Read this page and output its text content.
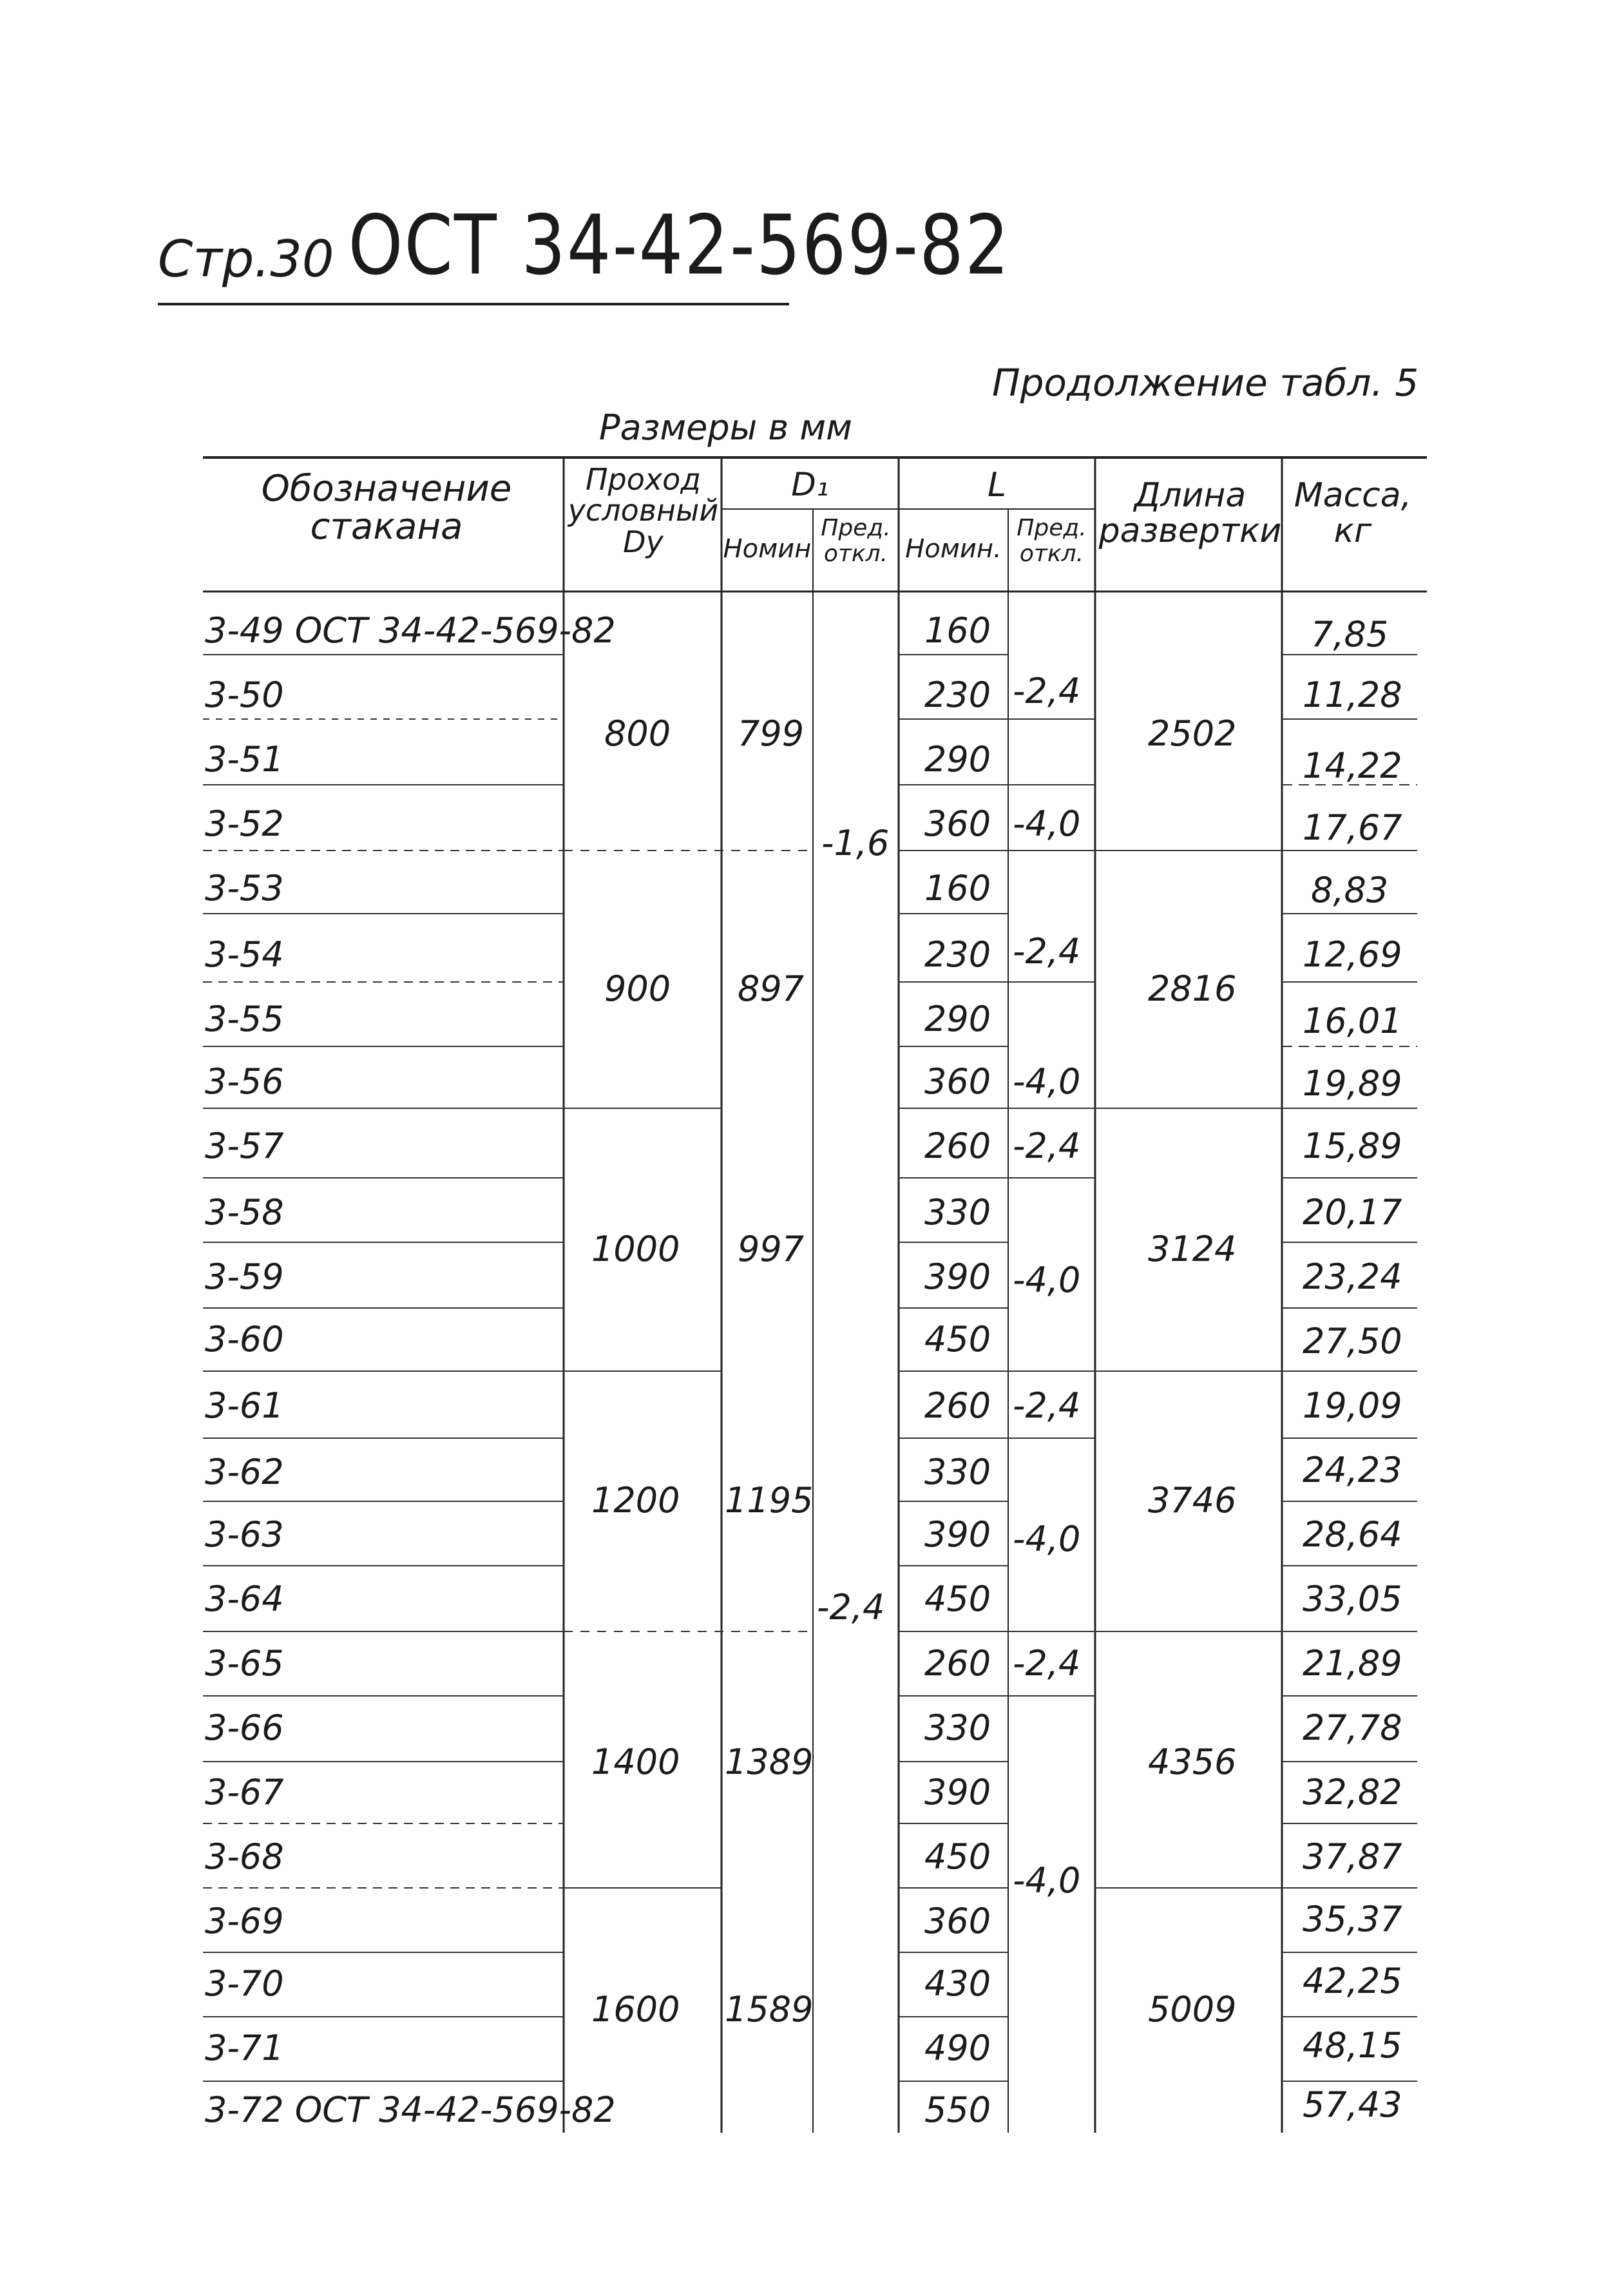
Стр.30 ОСТ 34-42-569-82
Продолжение табл. 5
Размеры в мм
Обозначение стакана
Проход условный Dy
D₁
Номин
Пред. откл.
L
Номин.
Пред. откл.
Длина развертки
Масса, кг
3-49 ОСТ 34-42-569-82
3-50
3-51
3-52
3-53
3-54
3-55
3-56
3-57
3-58
3-59
3-60
3-61
3-62
3-63
3-64
3-65
3-66
3-67
3-68
3-69
3-70
3-71
3-72 ОСТ 34-42-569-82
800
900
1000
1200
1400
1600
799
897
997
1195
1389
1589
-1,6
-2,4
160
230
290
360
160
230
290
360
260
330
390
450
260
330
390
450
260
330
390
450
360
430
490
550
-2,4
-4,0
-2,4
-4,0
-2,4
-4,0
-2,4
-4,0
-2,4
-4,0
2502
2816
3124
3746
4356
5009
7,85
11,28
14,22
17,67
8,83
12,69
16,01
19,89
15,89
20,17
23,24
27,50
19,09
24,23
28,64
33,05
21,89
27,78
32,82
37,87
35,37
42,25
48,15
57,43
